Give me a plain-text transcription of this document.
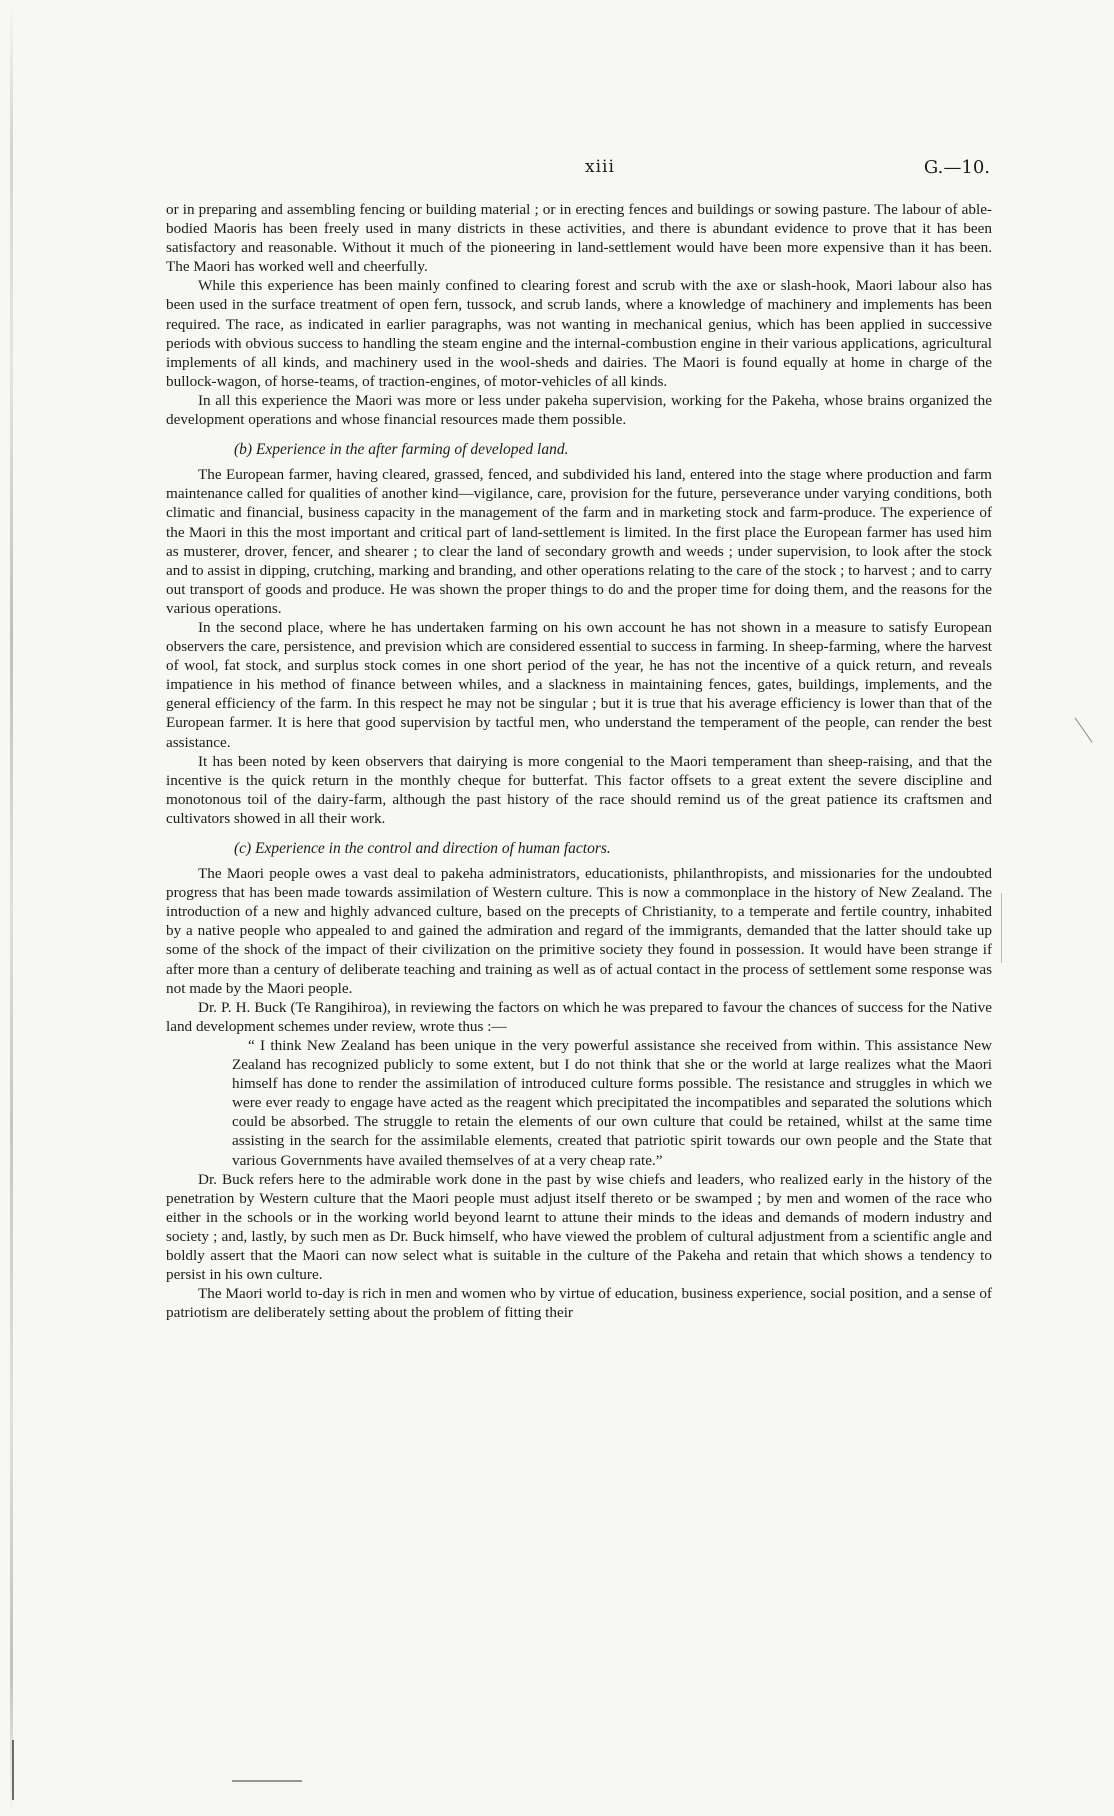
xiii	G.—10.

or in preparing and assembling fencing or building material ; or in erecting fences and buildings or sowing pasture. The labour of able-bodied Maoris has been freely used in many districts in these activities, and there is abundant evidence to prove that it has been satisfactory and reasonable. Without it much of the pioneering in land-settlement would have been more expensive than it has been. The Maori has worked well and cheerfully.

While this experience has been mainly confined to clearing forest and scrub with the axe or slash-hook, Maori labour also has been used in the surface treatment of open fern, tussock, and scrub lands, where a knowledge of machinery and implements has been required. The race, as indicated in earlier paragraphs, was not wanting in mechanical genius, which has been applied in successive periods with obvious success to handling the steam engine and the internal-combustion engine in their various applications, agricultural implements of all kinds, and machinery used in the wool-sheds and dairies. The Maori is found equally at home in charge of the bullock-wagon, of horse-teams, of traction-engines, of motor-vehicles of all kinds.

In all this experience the Maori was more or less under pakeha supervision, working for the Pakeha, whose brains organized the development operations and whose financial resources made them possible.

(b) Experience in the after farming of developed land.

The European farmer, having cleared, grassed, fenced, and subdivided his land, entered into the stage where production and farm maintenance called for qualities of another kind—vigilance, care, provision for the future, perseverance under varying conditions, both climatic and financial, business capacity in the management of the farm and in marketing stock and farm-produce. The experience of the Maori in this the most important and critical part of land-settlement is limited. In the first place the European farmer has used him as musterer, drover, fencer, and shearer ; to clear the land of secondary growth and weeds ; under supervision, to look after the stock and to assist in dipping, crutching, marking and branding, and other operations relating to the care of the stock ; to harvest ; and to carry out transport of goods and produce. He was shown the proper things to do and the proper time for doing them, and the reasons for the various operations.

In the second place, where he has undertaken farming on his own account he has not shown in a measure to satisfy European observers the care, persistence, and prevision which are considered essential to success in farming. In sheep-farming, where the harvest of wool, fat stock, and surplus stock comes in one short period of the year, he has not the incentive of a quick return, and reveals impatience in his method of finance between whiles, and a slackness in maintaining fences, gates, buildings, implements, and the general efficiency of the farm. In this respect he may not be singular ; but it is true that his average efficiency is lower than that of the European farmer. It is here that good supervision by tactful men, who understand the temperament of the people, can render the best assistance.

It has been noted by keen observers that dairying is more congenial to the Maori temperament than sheep-raising, and that the incentive is the quick return in the monthly cheque for butterfat. This factor offsets to a great extent the severe discipline and monotonous toil of the dairy-farm, although the past history of the race should remind us of the great patience its craftsmen and cultivators showed in all their work.

(c) Experience in the control and direction of human factors.

The Maori people owes a vast deal to pakeha administrators, educationists, philanthropists, and missionaries for the undoubted progress that has been made towards assimilation of Western culture. This is now a commonplace in the history of New Zealand. The introduction of a new and highly advanced culture, based on the precepts of Christianity, to a temperate and fertile country, inhabited by a native people who appealed to and gained the admiration and regard of the immigrants, demanded that the latter should take up some of the shock of the impact of their civilization on the primitive society they found in possession. It would have been strange if after more than a century of deliberate teaching and training as well as of actual contact in the process of settlement some response was not made by the Maori people.

Dr. P. H. Buck (Te Rangihiroa), in reviewing the factors on which he was prepared to favour the chances of success for the Native land development schemes under review, wrote thus :—

“ I think New Zealand has been unique in the very powerful assistance she received from within. This assistance New Zealand has recognized publicly to some extent, but I do not think that she or the world at large realizes what the Maori himself has done to render the assimilation of introduced culture forms possible. The resistance and struggles in which we were ever ready to engage have acted as the reagent which precipitated the incompatibles and separated the solutions which could be absorbed. The struggle to retain the elements of our own culture that could be retained, whilst at the same time assisting in the search for the assimilable elements, created that patriotic spirit towards our own people and the State that various Governments have availed themselves of at a very cheap rate.”

Dr. Buck refers here to the admirable work done in the past by wise chiefs and leaders, who realized early in the history of the penetration by Western culture that the Maori people must adjust itself thereto or be swamped ; by men and women of the race who either in the schools or in the working world beyond learnt to attune their minds to the ideas and demands of modern industry and society ; and, lastly, by such men as Dr. Buck himself, who have viewed the problem of cultural adjustment from a scientific angle and boldly assert that the Maori can now select what is suitable in the culture of the Pakeha and retain that which shows a tendency to persist in his own culture.

The Maori world to-day is rich in men and women who by virtue of education, business experience, social position, and a sense of patriotism are deliberately setting about the problem of fitting their
